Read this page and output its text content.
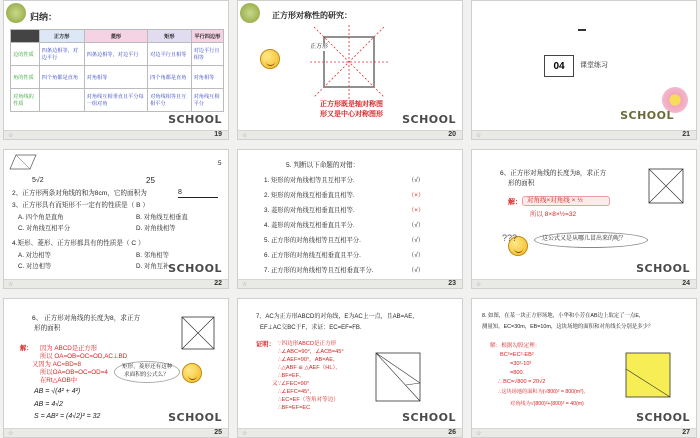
归纳：
	正方形	菱形	矩形	平行四边形
边的性质	四条边相等，对边平行	四条边相等，对边平行	对边平行且相等	对边平行且相等
角的性质	四个角都是直角	对角相等	四个角都是直角	对角相等
对角线的性质		对角线互相垂直且平分每一组对角	对角线相等且互相平分	对角线互相平分
SCHOOL
☆	19
正方形对称性的研究：
正方形
正方形既是轴对称图
形又是中心对称图形 SCHOOL
☆	20
04	课堂练习
SCHOOL
☆	21
5
25
5√2
2、正方形两条对角线的和为8cm，它的面积为	8
3、正方形具有而矩形不一定有的性质是（ B ）
A. 四个角是直角	B. 对角线互相垂直
C. 对角线互相平分	D. 对角线相等
4.矩形、菱形、正方形都具有的性质是（ C ）
A. 对边相等	B. 邻角相等
C. 对边相等	D. 对角互补
SCHOOL
☆	22
5. 判断以下命题的对错：
1. 矩形的对角线相等且互相平分.	（√）
2. 矩形的对角线互相垂直且相等.	（×）
3. 菱形的对角线互相垂直且相等.	（×）
4. 菱形的对角线互相垂直且平分.	（√）
5. 正方形的对角线相等且互相平分.	（√）
6. 正方形的对角线互相垂直且平分.	（√）
7. 正方形的对角线相等且互相垂直平分.	（√）
☆	23
6、正方形对角线的长度为8，求正方
形的面积
解： 对角线×对角线 × ½
所以 8×8×½=32
???	这公式又是从哪儿冒出来的呢？
SCHOOL
☆	24
6、 正方形对角线的长度为8，求正方
形的面积
解： 因为 ABCD是正方形
所以 OA=OB=OC=OD,AC⊥BD
又因为 AC=BD=8
所以OA=OB=OC=OD=4
在Rt△AOB中
AB = √(4² + 4²)
AB = 4√2
S = AB² = (4√2)² = 32
矩形，菱形还有这种
求面积的公式么？
SCHOOL
☆	25
7、AC为正方形ABCD的对角线，E为AC上一点，且AB=AE，
EF⊥AC交BC于F，求证：EC=EF=FB．
证明： ∵四边形ABCD是正方形
∴∠ABC=90°，∠ACB=45°
∴∠AEF=90°，AB=AE，
∴△ABF ≌ △AEF（HL），
∴BF=EF，
又∵∠FEC=90°
∴∠EFC=45°，
∴EC=EF（等角对等边）
∴BF=EF=EC
SCHOOL
☆	26
8. 如图，在某一块正方形场地，小华和小芳在AB边上取定了一点E，
测量知，EC=30m，EB=10m，这块场地的面积和对角线长分别是多少？
解：根据勾股定理：
BC²=EC²-EB²
=30²-10²
=800.
∴ BC=√800 = 20√2
∴这块场地的面积为(√800)² = 800(m²),
对角线为√(800)²+(800)² = 40(m)
SCHOOL
☆	27
